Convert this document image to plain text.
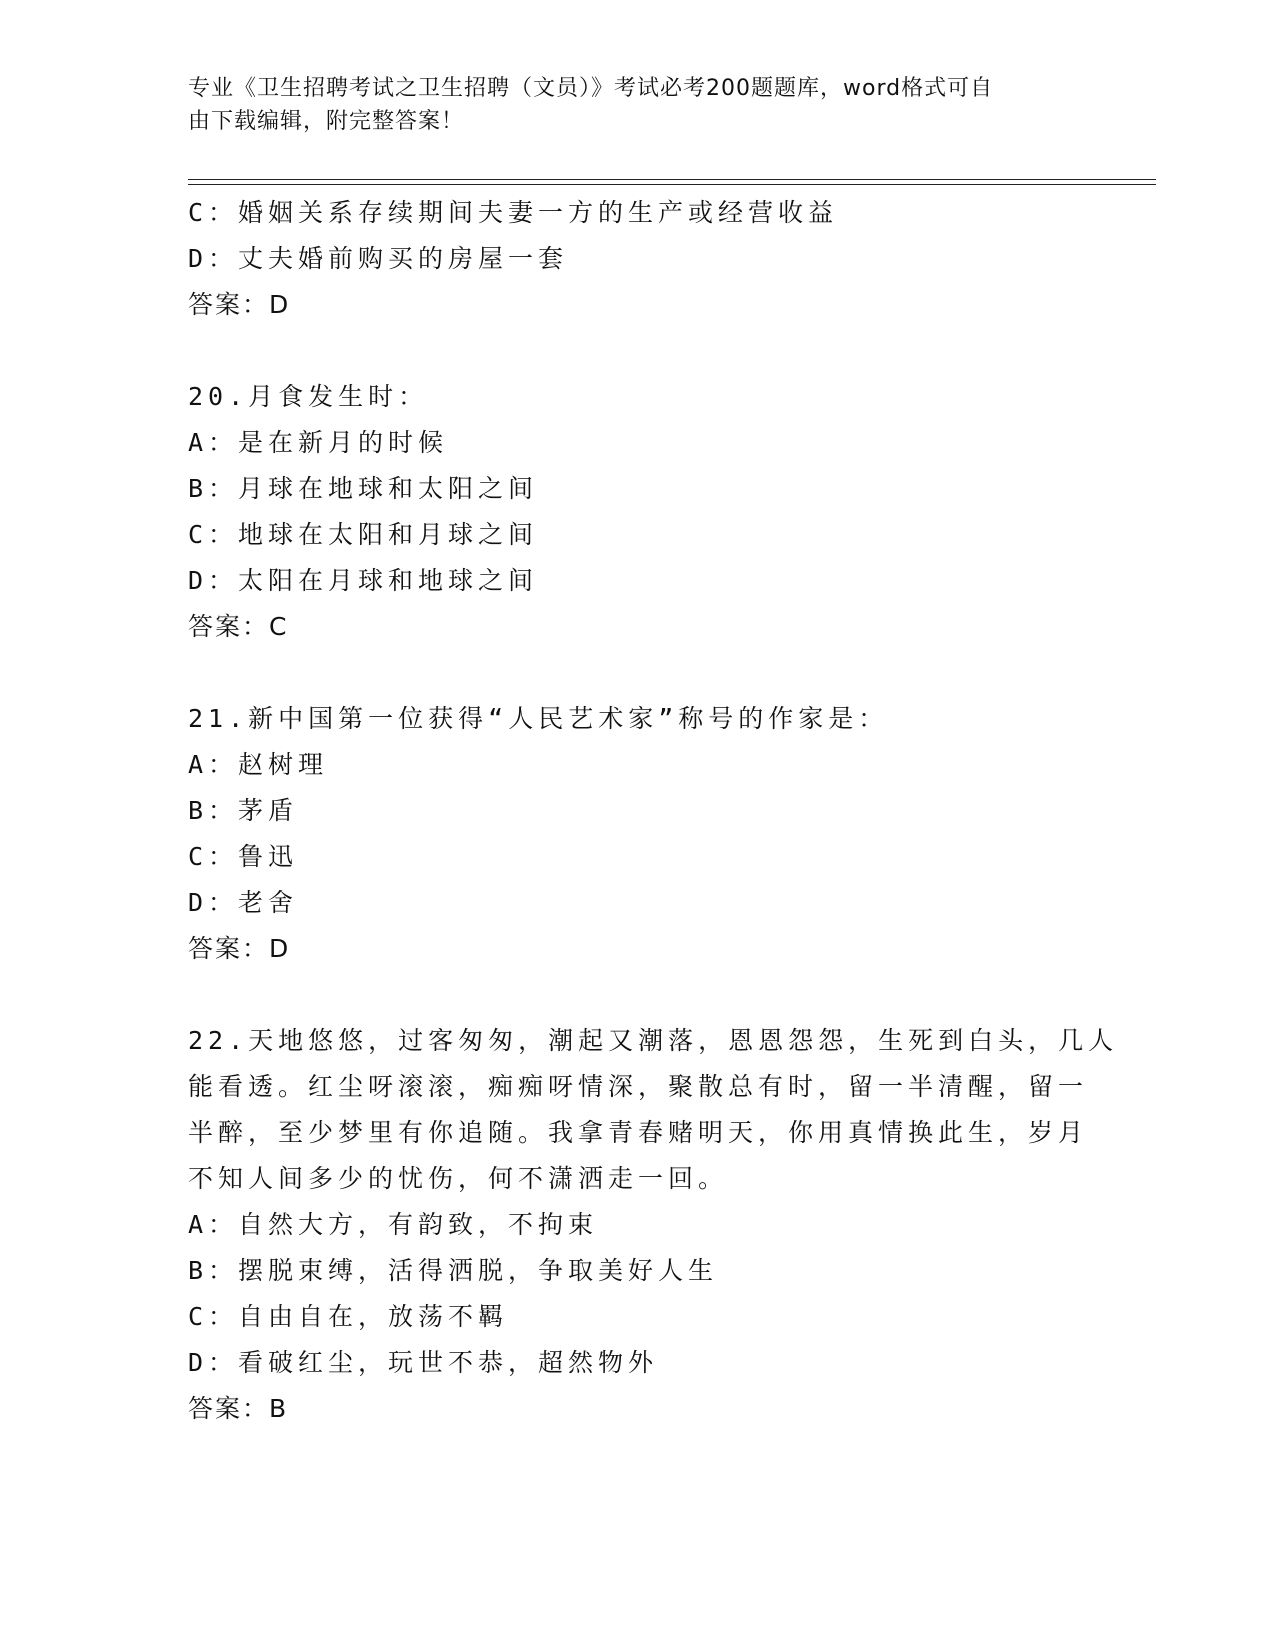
专业《卫生招聘考试之卫生招聘（文员）》考试必考200题题库，word格式可自
由下载编辑，附完整答案！
C：婚姻关系存续期间夫妻一方的生产或经营收益
D：丈夫婚前购买的房屋一套
答案：D
20.月食发生时：
A：是在新月的时候
B：月球在地球和太阳之间
C：地球在太阳和月球之间
D：太阳在月球和地球之间
答案：C
21.新中国第一位获得“人民艺术家”称号的作家是：
A：赵树理
B：茅盾
C：鲁迅
D：老舍
答案：D
22.天地悠悠，过客匆匆，潮起又潮落，恩恩怨怨，生死到白头，几人
能看透。红尘呀滚滚，痴痴呀情深，聚散总有时，留一半清醒，留一
半醉，至少梦里有你追随。我拿青春赌明天，你用真情换此生，岁月
不知人间多少的忧伤，何不潇洒走一回。
A：自然大方，有韵致，不拘束
B：摆脱束缚，活得洒脱，争取美好人生
C：自由自在，放荡不羁
D：看破红尘，玩世不恭，超然物外
答案：B
